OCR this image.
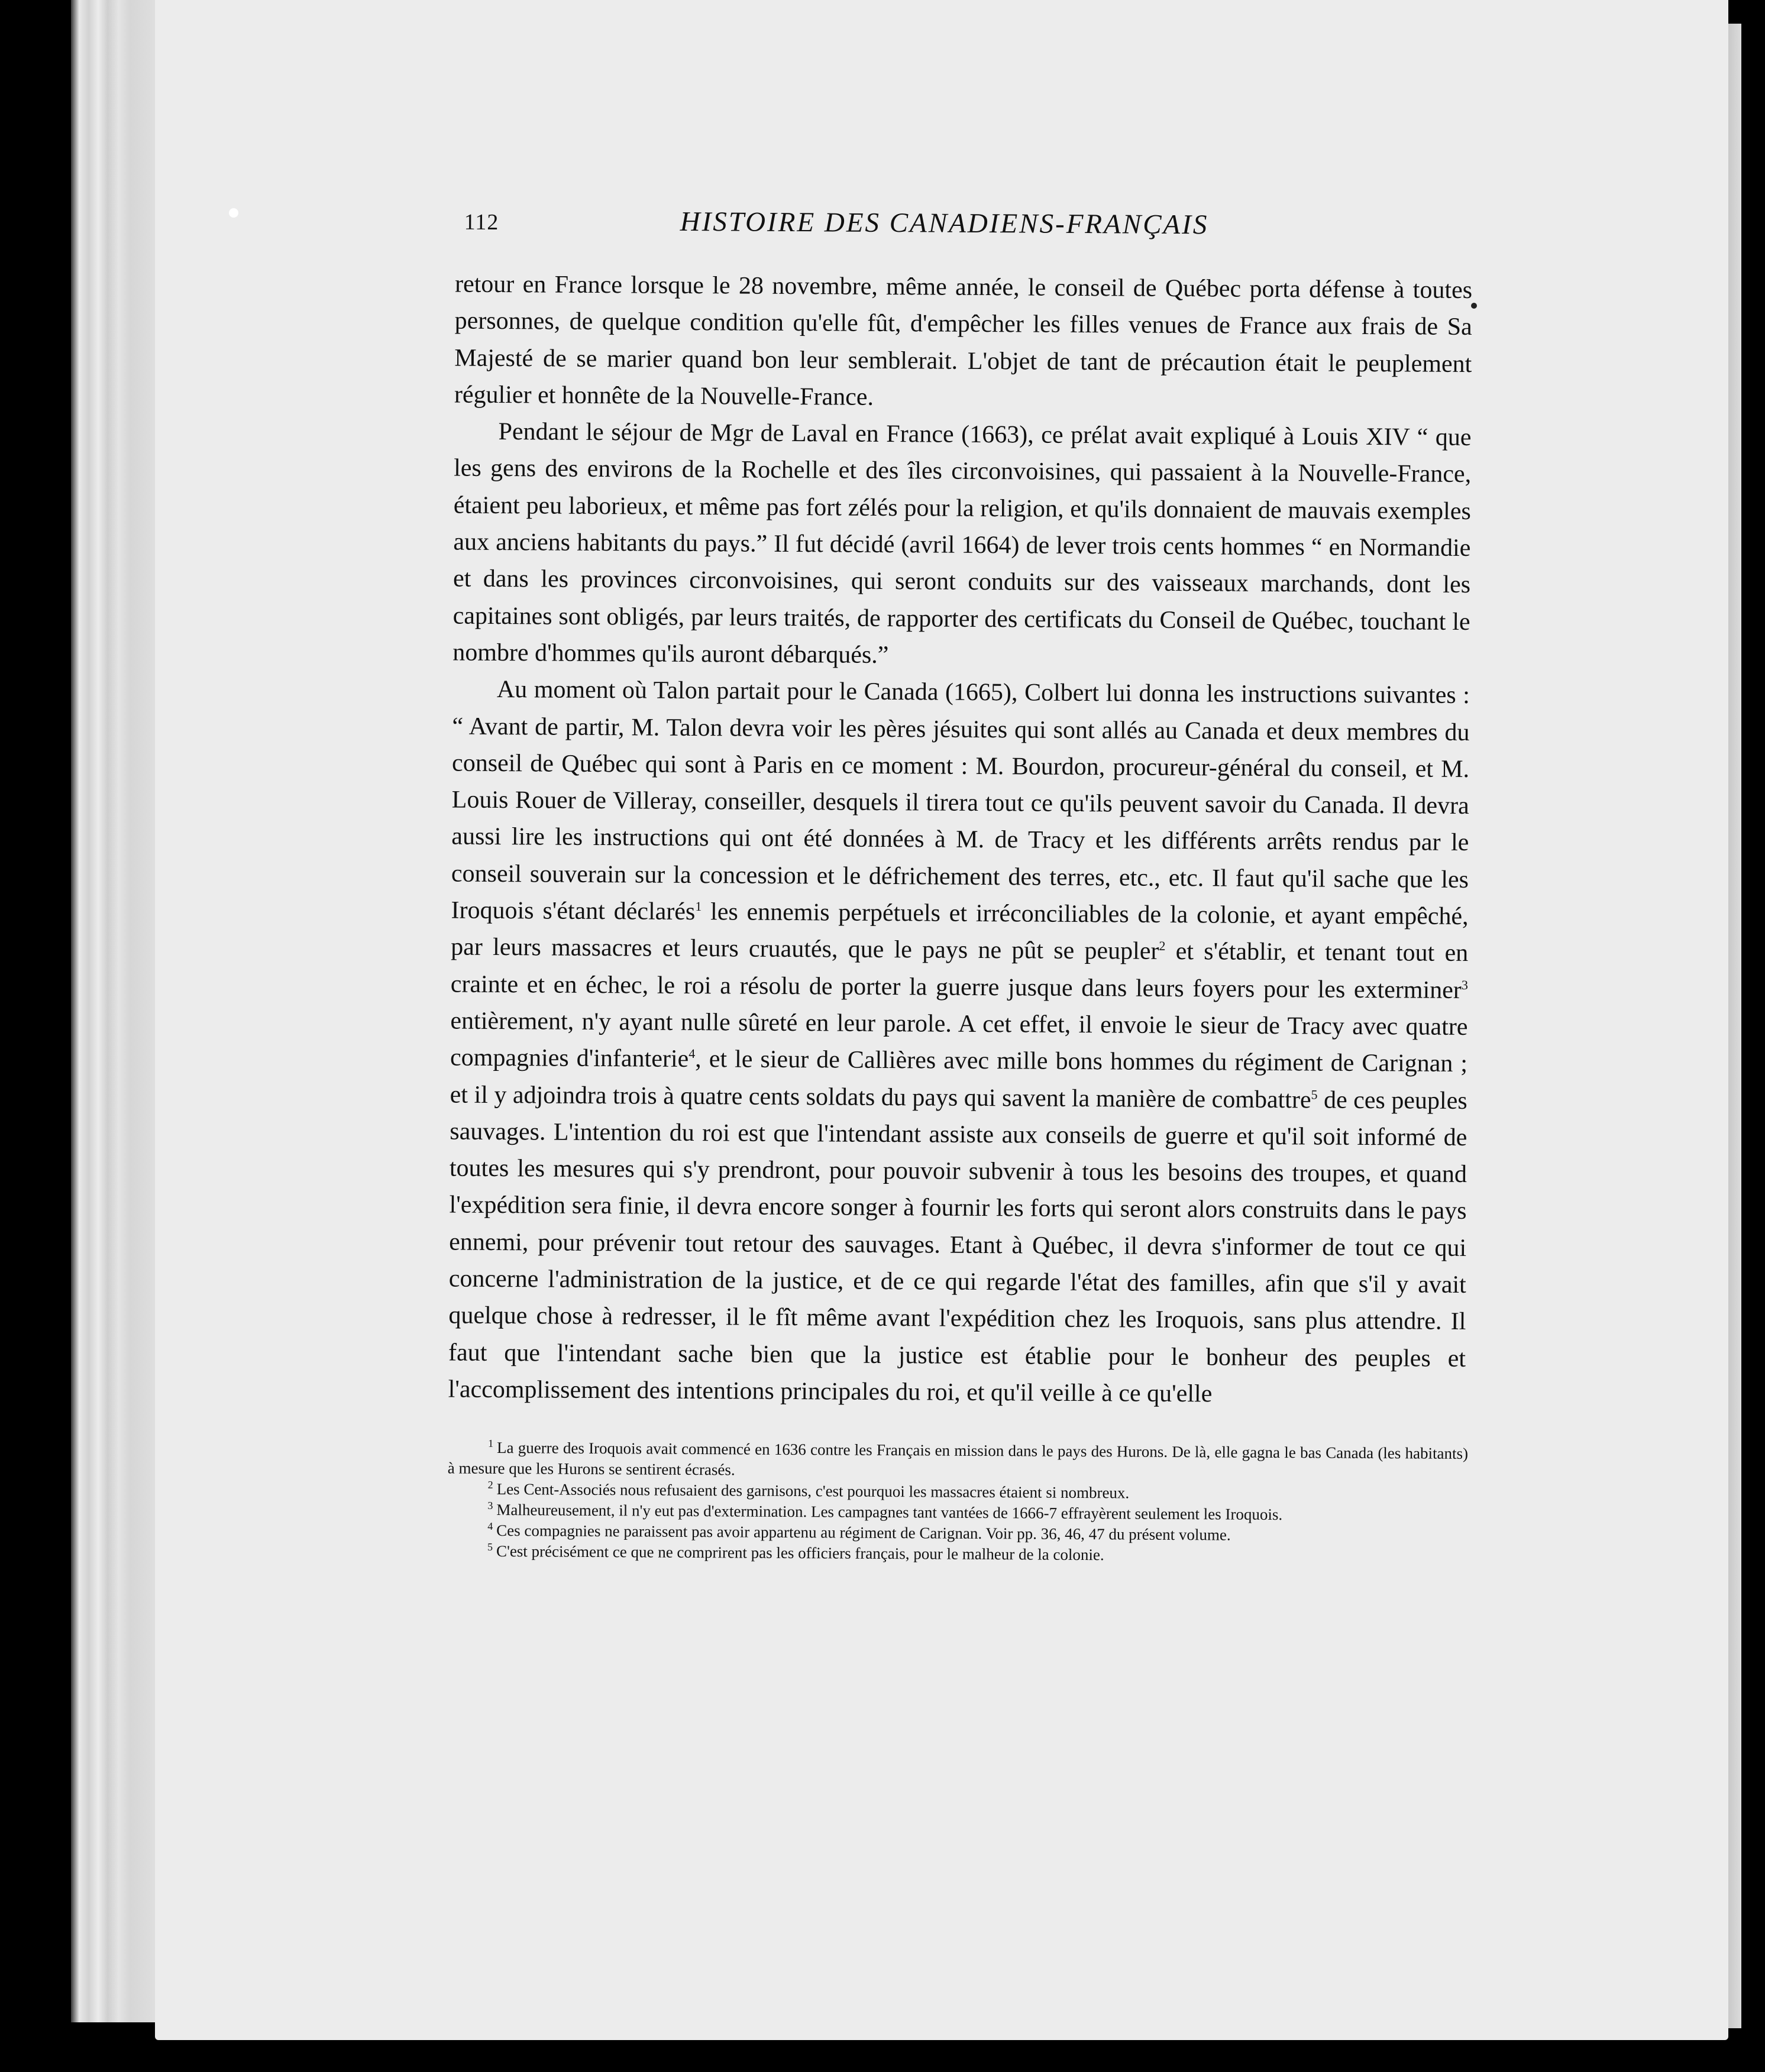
112	HISTOIRE DES CANADIENS-FRANÇAIS

retour en France lorsque le 28 novembre, même année, le conseil de Québec porta défense à toutes personnes, de quelque condition qu'elle fût, d'empêcher les filles venues de France aux frais de Sa Majesté de se marier quand bon leur semblerait. L'objet de tant de précaution était le peuplement régulier et honnête de la Nouvelle-France.

Pendant le séjour de Mgr de Laval en France (1663), ce prélat avait expliqué à Louis XIV “ que les gens des environs de la Rochelle et des îles circonvoisines, qui passaient à la Nouvelle-France, étaient peu laborieux, et même pas fort zélés pour la religion, et qu'ils donnaient de mauvais exemples aux anciens habitants du pays.” Il fut décidé (avril 1664) de lever trois cents hommes “ en Normandie et dans les provinces circonvoisines, qui seront conduits sur des vaisseaux marchands, dont les capitaines sont obligés, par leurs traités, de rapporter des certificats du Conseil de Québec, touchant le nombre d'hommes qu'ils auront débarqués.”

Au moment où Talon partait pour le Canada (1665), Colbert lui donna les instructions suivantes : “ Avant de partir, M. Talon devra voir les pères jésuites qui sont allés au Canada et deux membres du conseil de Québec qui sont à Paris en ce moment : M. Bourdon, procureur-général du conseil, et M. Louis Rouer de Villeray, conseiller, desquels il tirera tout ce qu'ils peuvent savoir du Canada. Il devra aussi lire les instructions qui ont été données à M. de Tracy et les différents arrêts rendus par le conseil souverain sur la concession et le défrichement des terres, etc., etc. Il faut qu'il sache que les Iroquois s'étant déclarés$^1$ les ennemis perpétuels et irréconciliables de la colonie, et ayant empêché, par leurs massacres et leurs cruautés, que le pays ne pût se peupler$^2$ et s'établir, et tenant tout en crainte et en échec, le roi a résolu de porter la guerre jusque dans leurs foyers pour les exterminer$^3$ entièrement, n'y ayant nulle sûreté en leur parole. A cet effet, il envoie le sieur de Tracy avec quatre compagnies d'infanterie$^4$, et le sieur de Callières avec mille bons hommes du régiment de Carignan ; et il y adjoindra trois à quatre cents soldats du pays qui savent la manière de combattre$^5$ de ces peuples sauvages. L'intention du roi est que l'intendant assiste aux conseils de guerre et qu'il soit informé de toutes les mesures qui s'y prendront, pour pouvoir subvenir à tous les besoins des troupes, et quand l'expédition sera finie, il devra encore songer à fournir les forts qui seront alors construits dans le pays ennemi, pour prévenir tout retour des sauvages. Etant à Québec, il devra s'informer de tout ce qui concerne l'administration de la justice, et de ce qui regarde l'état des familles, afin que s'il y avait quelque chose à redresser, il le fît même avant l'expédition chez les Iroquois, sans plus attendre. Il faut que l'intendant sache bien que la justice est établie pour le bonheur des peuples et l'accomplissement des intentions principales du roi, et qu'il veille à ce qu'elle

$^1$ La guerre des Iroquois avait commencé en 1636 contre les Français en mission dans le pays des Hurons. De là, elle gagna le bas Canada (les habitants) à mesure que les Hurons se sentirent écrasés.
$^2$ Les Cent-Associés nous refusaient des garnisons, c'est pourquoi les massacres étaient si nombreux.
$^3$ Malheureusement, il n'y eut pas d'extermination. Les campagnes tant vantées de 1666-7 effrayèrent seulement les Iroquois.
$^4$ Ces compagnies ne paraissent pas avoir appartenu au régiment de Carignan. Voir pp. 36, 46, 47 du présent volume.
$^5$ C'est précisément ce que ne comprirent pas les officiers français, pour le malheur de la colonie.
